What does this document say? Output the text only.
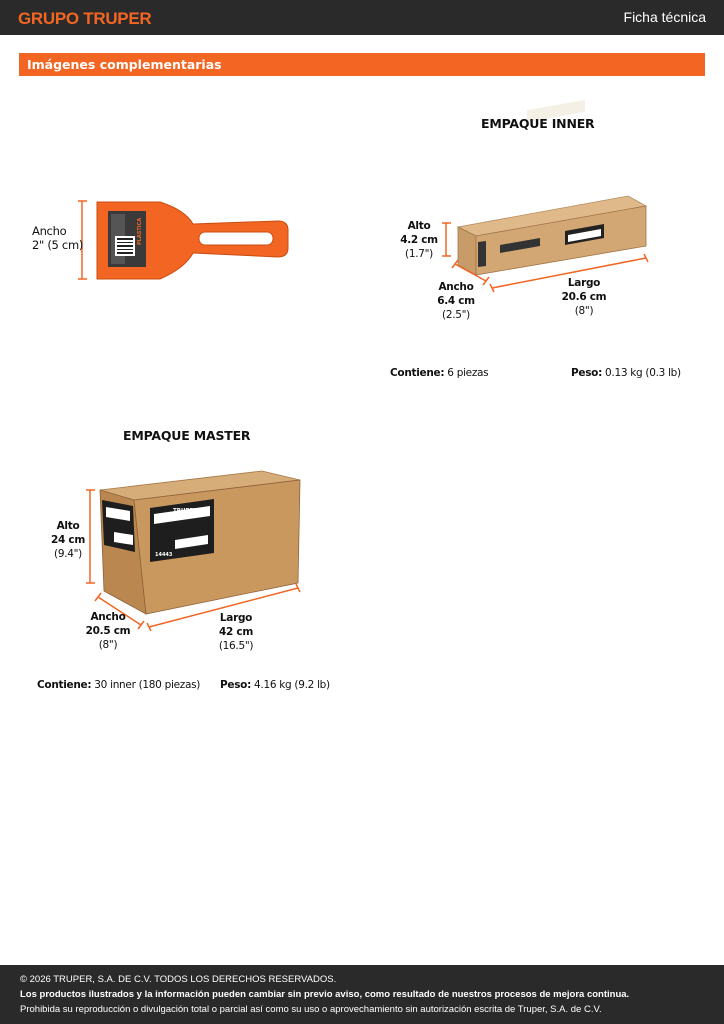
GRUPO TRUPER	Ficha técnica
Imágenes complementarias
PLASTICA
TRUPER
14443
Ancho
2" (5 cm)
EMPAQUE INNER
Alto
4.2 cm
(1.7")
Ancho
6.4 cm
(2.5")
Largo
20.6 cm
(8")
Contiene: 6 piezas	Peso: 0.13 kg (0.3 lb)
EMPAQUE MASTER
Alto
24 cm
(9.4")
Ancho
20.5 cm
(8")
Largo
42 cm
(16.5")
Contiene: 30 inner (180 piezas) Peso: 4.16 kg (9.2 lb)
© 2026 TRUPER, S.A. DE C.V. TODOS LOS DERECHOS RESERVADOS.
Los productos ilustrados y la información pueden cambiar sin previo aviso, como resultado de nuestros procesos de mejora continua.
Prohibida su reproducción o divulgación total o parcial así como su uso o aprovechamiento sin autorización escrita de Truper, S.A. de C.V.
